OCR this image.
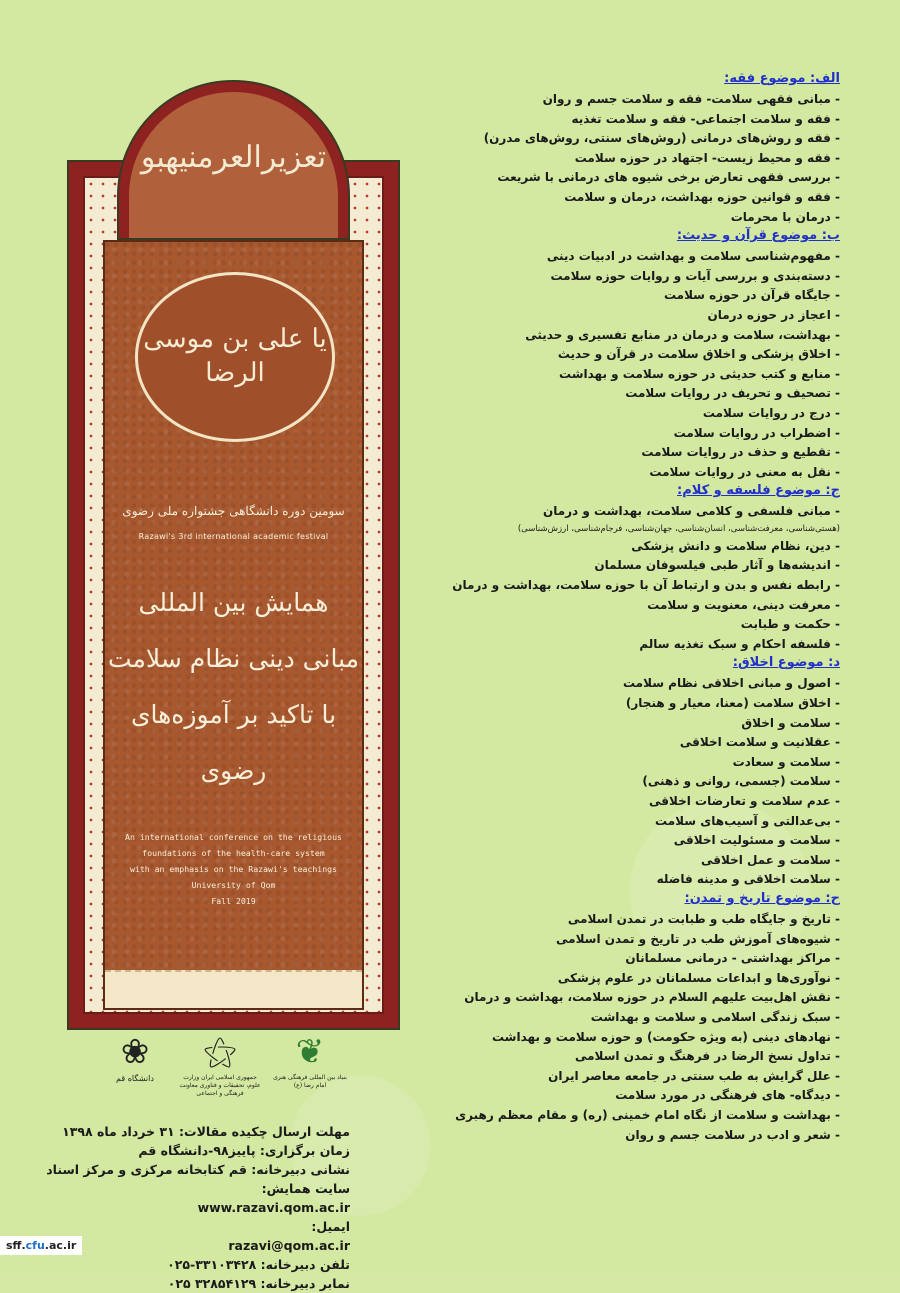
تعزیرالعرمنیهبو
یا علی بن موسی الرضا
سومین دوره دانشگاهی جشنواره ملی رضوی
Razawi's 3rd international academic festival
همایش بین المللی
مبانی دینی نظام سلامت
با تاکید بر آموزه‌های رضوی
An international conference on the religious
foundations of the health-care system
with an emphasis on the Razawi's teachings
University of Qom
Fall 2019
❀
دانشگاه قم
⚝
جمهوری اسلامی ایران وزارت علوم، تحقیقات و فناوری معاونت فرهنگی و اجتماعی
❦
بنیاد بین المللی فرهنگی هنری امام رضا (ع)
الف: موضوع فقه:
- مبانی فقهی سلامت- فقه و سلامت جسم و روان
- فقه و سلامت اجتماعی- فقه و سلامت تغذیه
- فقه و روش‌های درمانی (روش‌های سنتی، روش‌های مدرن)
- فقه و محیط زیست- اجتهاد در حوزه سلامت
- بررسی فقهی تعارض برخی شیوه های درمانی با شریعت
- فقه و قوانین حوزه بهداشت، درمان و سلامت
- درمان با محرمات
ب: موضوع قرآن و حدیث:
- مفهوم‌شناسی سلامت و بهداشت در ادبیات دینی
- دسته‌بندی و بررسی آیات و روایات حوزه سلامت
- جایگاه قرآن در حوزه سلامت
- اعجاز در حوزه درمان
- بهداشت، سلامت و درمان در منابع تفسیری و حدیثی
- اخلاق پزشکی و اخلاق سلامت در قرآن و حدیث
- منابع و کتب حدیثی در حوزه سلامت و بهداشت
- تصحیف و تحریف در روایات سلامت
- درج در روایات سلامت
- اضطراب در روایات سلامت
- تقطیع و حذف در روایات سلامت
- نقل به معنی در روایات سلامت
ج: موضوع فلسفه و کلام:
- مبانی فلسفی و کلامی سلامت، بهداشت و درمان
(هستی‌شناسی، معرفت‌شناسی، انسان‌شناسی، جهان‌شناسی، فرجام‌شناسی، ارزش‌شناسی)
- دین، نظام سلامت و دانش پزشکی
- اندیشه‌ها و آثار طبی فیلسوفان مسلمان
- رابطه نفس و بدن و ارتباط آن با حوزه سلامت، بهداشت و درمان
- معرفت دینی، معنویت و سلامت
- حکمت و طبابت
- فلسفه احکام و سبک تغذیه سالم
د: موضوع اخلاق:
- اصول و مبانی اخلاقی نظام سلامت
- اخلاق سلامت (معنا، معیار و هنجار)
- سلامت و اخلاق
- عقلانیت و سلامت اخلاقی
- سلامت و سعادت
- سلامت (جسمی، روانی و ذهنی)
- عدم سلامت و تعارضات اخلاقی
- بی‌عدالتی و آسیب‌های سلامت
- سلامت و مسئولیت اخلاقی
- سلامت و عمل اخلاقی
- سلامت اخلاقی و مدینه فاضله
ح: موضوع تاریخ و تمدن:
- تاریخ و جایگاه طب و طبابت در تمدن اسلامی
- شیوه‌های آموزش طب در تاریخ و تمدن اسلامی
- مراکز بهداشتی - درمانی مسلمانان
- نوآوری‌ها و ابداعات مسلمانان در علوم پزشکی
- نقش اهل‌بیت علیهم السلام در حوزه سلامت، بهداشت و درمان
- سبک زندگی اسلامی و سلامت و بهداشت
- نهادهای دینی (به ویژه حکومت) و حوزه سلامت و بهداشت
- تداول نسخ الرضا در فرهنگ و تمدن اسلامی
- علل گرایش به طب سنتی در جامعه معاصر ایران
- دیدگاه- های فرهنگی در مورد سلامت
- بهداشت و سلامت از نگاه امام خمینی (ره) و مقام معظم رهبری
- شعر و ادب در سلامت جسم و روان
مهلت ارسال چکیده مقالات: ۳۱ خرداد ماه ۱۳۹۸
زمان برگزاری: پاییز۹۸-دانشگاه قم
نشانی دبیرخانه: قم کتابخانه مرکزی و مرکز اسناد
سایت همایش:
www.razavi.qom.ac.ir
ایمیل:
razavi@qom.ac.ir
تلفن دبیرخانه: ۳۳۱۰۳۴۲۸-۰۲۵
نمابر دبیرخانه: ۳۲۸۵۴۱۲۹ ۰۲۵
sff.cfu.ac.ir
